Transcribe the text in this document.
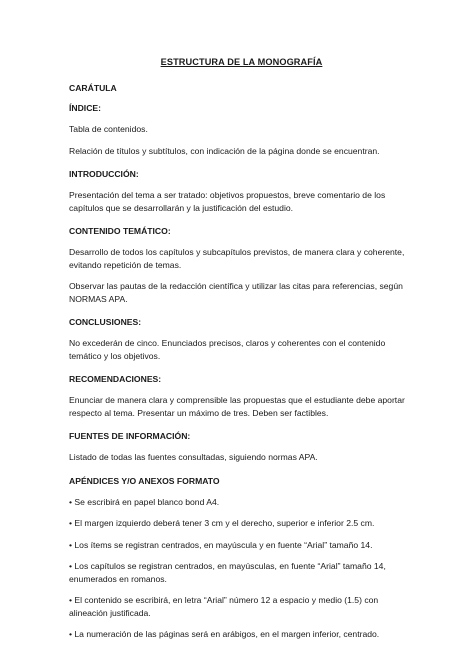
ESTRUCTURA DE LA MONOGRAFÍA
CARÁTULA
ÍNDICE:
Tabla de contenidos.
Relación de títulos y subtítulos, con indicación de la página donde se encuentran.
INTRODUCCIÓN:
Presentación del tema a ser tratado: objetivos propuestos, breve comentario de los capítulos que se desarrollarán y la justificación del estudio.
CONTENIDO TEMÁTICO:
Desarrollo de todos los capítulos y subcapítulos previstos, de manera clara y coherente, evitando repetición de temas.
Observar las pautas de la redacción científica y utilizar las citas para referencias, según NORMAS APA.
CONCLUSIONES:
No excederán de cinco. Enunciados precisos, claros y coherentes con el contenido temático y los objetivos.
RECOMENDACIONES:
Enunciar de manera clara y comprensible las propuestas que el estudiante debe aportar respecto al tema. Presentar un máximo de tres. Deben ser factibles.
FUENTES DE INFORMACIÓN:
Listado de todas las fuentes consultadas, siguiendo normas APA.
APÉNDICES Y/O ANEXOS FORMATO
• Se escribirá en papel blanco bond A4.
• El margen izquierdo deberá tener 3 cm y el derecho, superior e inferior 2.5 cm.
• Los ítems se registran centrados, en mayúscula y en fuente “Arial” tamaño 14.
• Los capítulos se registran centrados, en mayúsculas, en fuente “Arial” tamaño 14, enumerados en romanos.
• El contenido se escribirá, en letra “Arial” número 12 a espacio y medio (1.5) con alineación justificada.
• La numeración de las páginas será en arábigos, en el margen inferior, centrado.
